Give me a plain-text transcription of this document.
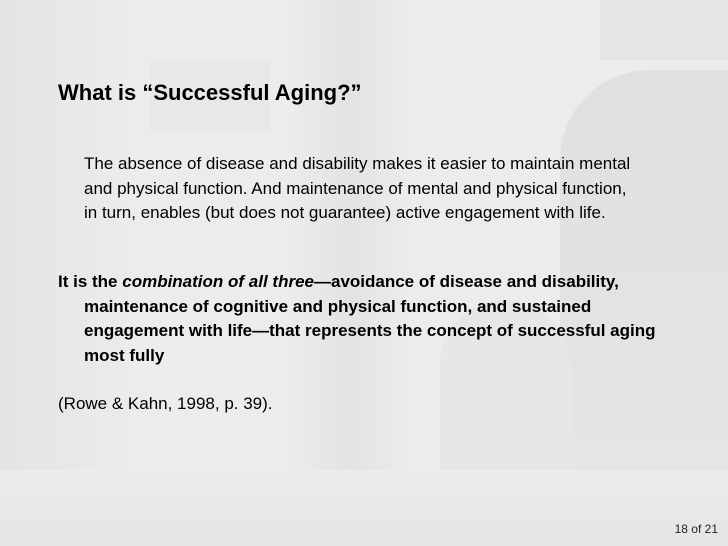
What is “Successful Aging?”

The absence of disease and disability makes it easier to maintain mental and physical function. And maintenance of mental and physical function, in turn, enables (but does not guarantee) active engagement with life.

It is the combination of all three—avoidance of disease and disability, maintenance of cognitive and physical function, and sustained engagement with life—that represents the concept of successful aging most fully

(Rowe & Kahn, 1998, p. 39).

18 of 21
